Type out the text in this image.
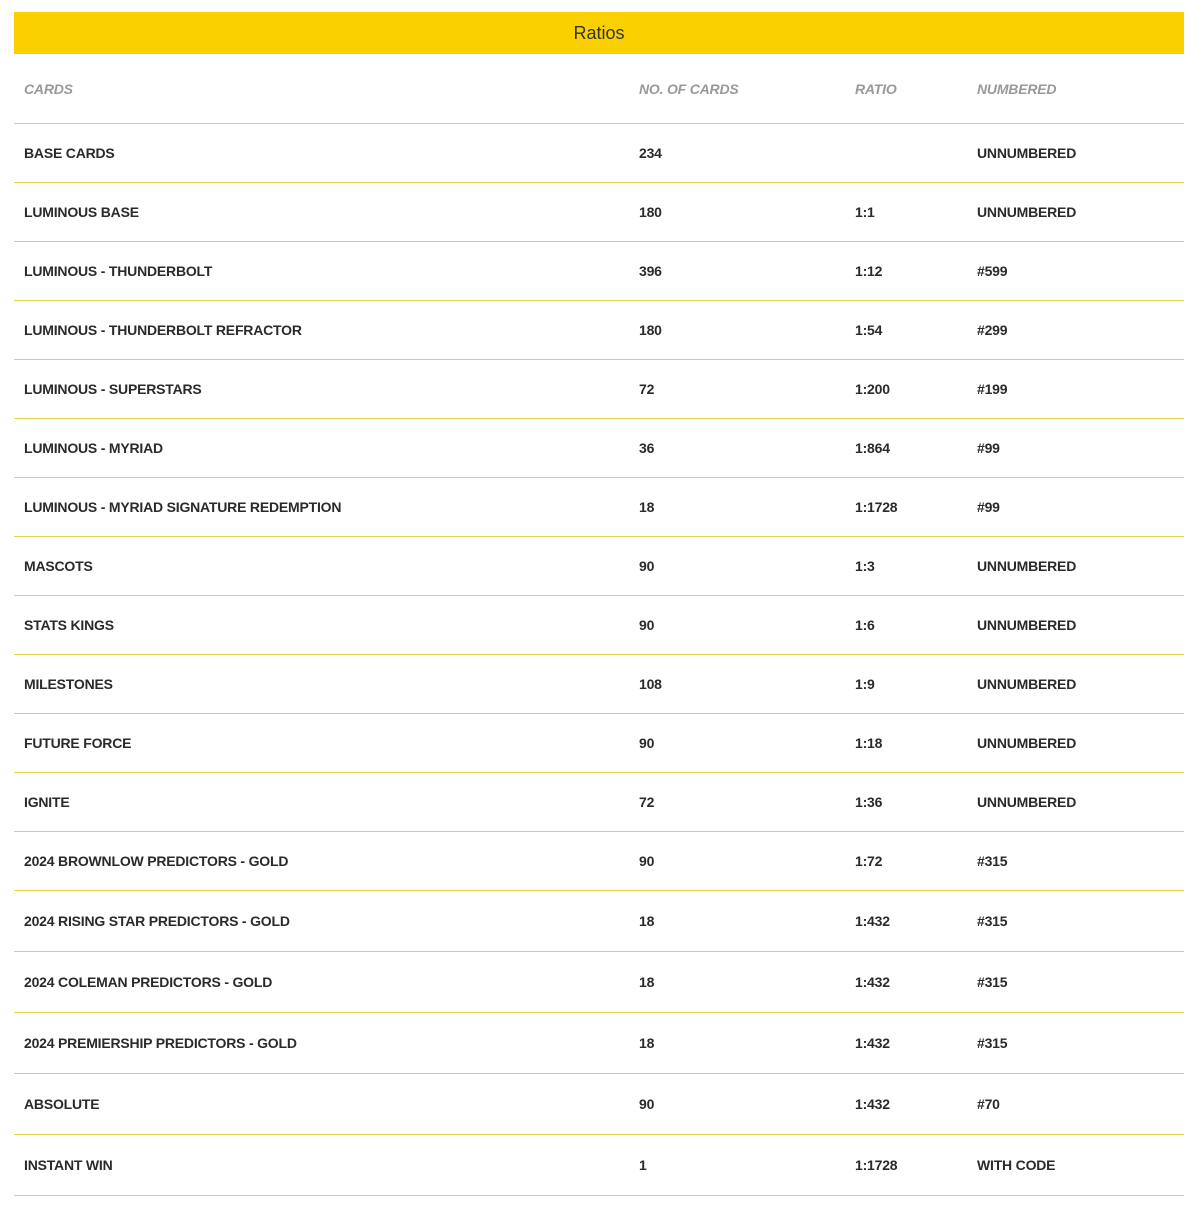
Ratios
CARDS	NO. OF CARDS	RATIO	NUMBERED
BASE CARDS	234		UNNUMBERED
LUMINOUS BASE	180	1:1	UNNUMBERED
LUMINOUS - THUNDERBOLT	396	1:12	#599
LUMINOUS - THUNDERBOLT REFRACTOR	180	1:54	#299
LUMINOUS - SUPERSTARS	72	1:200	#199
LUMINOUS - MYRIAD	36	1:864	#99
LUMINOUS - MYRIAD SIGNATURE REDEMPTION	18	1:1728	#99
MASCOTS	90	1:3	UNNUMBERED
STATS KINGS	90	1:6	UNNUMBERED
MILESTONES	108	1:9	UNNUMBERED
FUTURE FORCE	90	1:18	UNNUMBERED
IGNITE	72	1:36	UNNUMBERED
2024 BROWNLOW PREDICTORS - GOLD	90	1:72	#315
2024 RISING STAR PREDICTORS - GOLD	18	1:432	#315
2024 COLEMAN PREDICTORS - GOLD	18	1:432	#315
2024 PREMIERSHIP PREDICTORS - GOLD	18	1:432	#315
ABSOLUTE	90	1:432	#70
INSTANT WIN	1	1:1728	WITH CODE
